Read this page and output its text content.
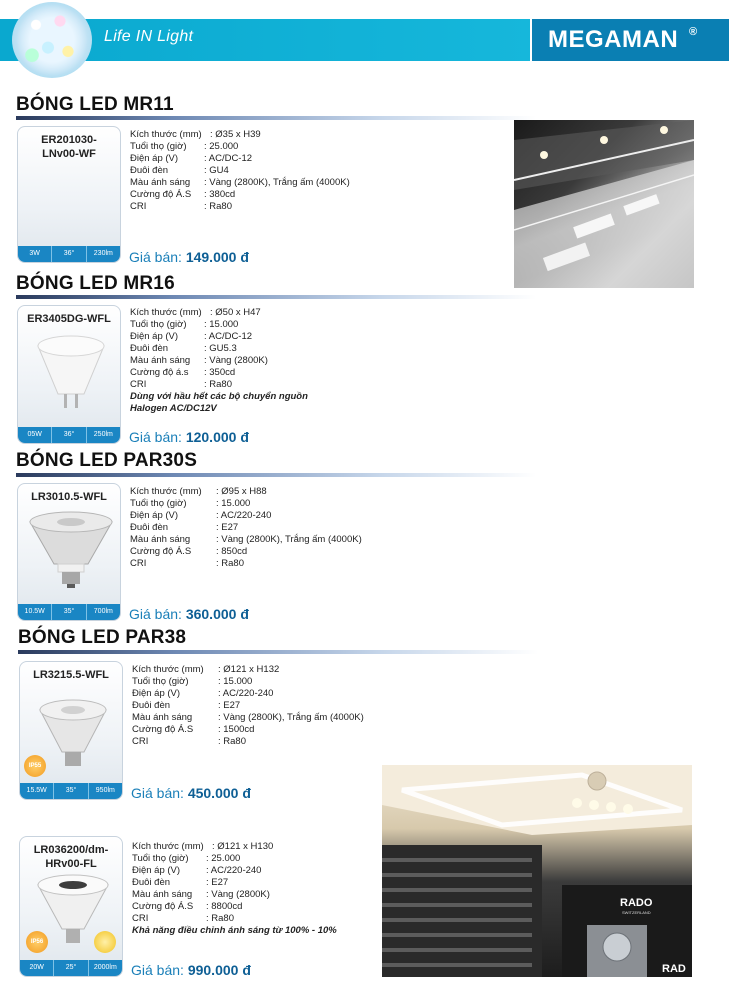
Life IN Light	MEGAMAN ®
BÓNG LED MR11
BÓNG LED MR16
BÓNG LED PAR30S
BÓNG LED PAR38
ER201030-
LNv00-WF
3W	36°	230lm
Kích thước (mm) : Ø35 x H39
Tuổi thọ (giờ)	: 25.000
Điện áp (V)	: AC/DC-12
Đuôi đèn	: GU4
Màu ánh sáng	: Vàng (2800K), Trắng ấm (4000K)
Cường độ Á.S	: 380cd
CRI	: Ra80
Giá bán: 149.000 đ
ER3405DG-WFL
05W	36°	250lm
Kích thước (mm) : Ø50 x H47
Tuổi thọ (giờ)	: 15.000
Điện áp (V)	: AC/DC-12
Đuôi đèn	: GU5.3
Màu ánh sáng	: Vàng (2800K)
Cường độ á.s	: 350cd
CRI	: Ra80
Dùng với hầu hết các bộ chuyển nguồn
Halogen AC/DC12V
Giá bán: 120.000 đ
LR3010.5-WFL
10.5W	35°	700lm
Kích thước (mm)	: Ø95 x H88
Tuổi thọ (giờ)	: 15.000
Điện áp (V)	: AC/220-240
Đuôi đèn	: E27
Màu ánh sáng	: Vàng (2800K), Trắng ấm (4000K)
Cường độ Á.S	: 850cd
CRI	: Ra80
Giá bán: 360.000 đ
LR3215.5-WFL
IP55
15.5W	35°	950lm
Kích thước (mm)	: Ø121 x H132
Tuổi thọ (giờ)	: 15.000
Điện áp (V)	: AC/220-240
Đuôi đèn	: E27
Màu ánh sáng	: Vàng (2800K), Trắng ấm (4000K)
Cường độ Á.S	: 1500cd
CRI	: Ra80
Giá bán: 450.000 đ
LR036200/dm-
HRv00-FL
IP56
20W	25°	2000lm
Kích thước (mm) : Ø121 x H130
Tuổi thọ (giờ)	: 25.000
Điện áp (V)	: AC/220-240
Đuôi đèn	: E27
Màu ánh sáng	: Vàng (2800K)
Cường độ Á.S	: 8800cd
CRI	: Ra80
Khả năng điều chỉnh ánh sáng từ 100% - 10%
Giá bán: 990.000 đ
RADO
SWITZERLAND
RAD
